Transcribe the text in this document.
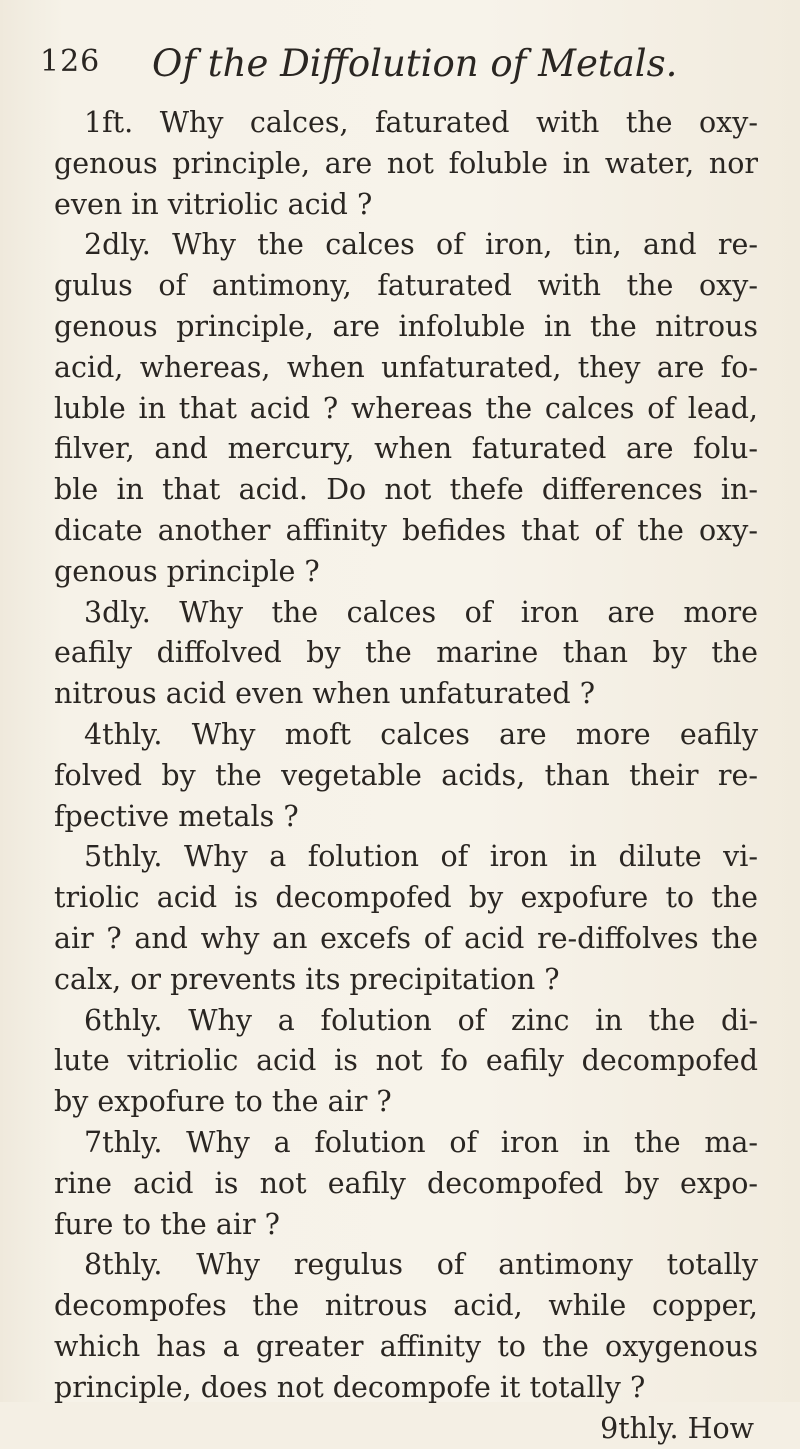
126 Of the Diffolution of Metals.
1ft. Why calces, faturated with the oxy-
genous principle, are not foluble in water, nor
even in vitriolic acid ?
2dly. Why the calces of iron, tin, and re-
gulus of antimony, faturated with the oxy-
genous principle, are infoluble in the nitrous
acid, whereas, when unfaturated, they are fo-
luble in that acid ? whereas the calces of lead,
filver, and mercury, when faturated are folu-
ble in that acid. Do not thefe differences in-
dicate another affinity befides that of the oxy-
genous principle ?
3dly. Why the calces of iron are more
eafily diffolved by the marine than by the
nitrous acid even when unfaturated ?
4thly. Why moft calces are more eafily
folved by the vegetable acids, than their re-
fpective metals ?
5thly. Why a folution of iron in dilute vi-
triolic acid is decompofed by expofure to the
air ? and why an excefs of acid re-diffolves the
calx, or prevents its precipitation ?
6thly. Why a folution of zinc in the di-
lute vitriolic acid is not fo eafily decompofed
by expofure to the air ?
7thly. Why a folution of iron in the ma-
rine acid is not eafily decompofed by expo-
fure to the air ?
8thly. Why regulus of antimony totally
decompofes the nitrous acid, while copper,
which has a greater affinity to the oxygenous
principle, does not decompofe it totally ?
9thly. How
